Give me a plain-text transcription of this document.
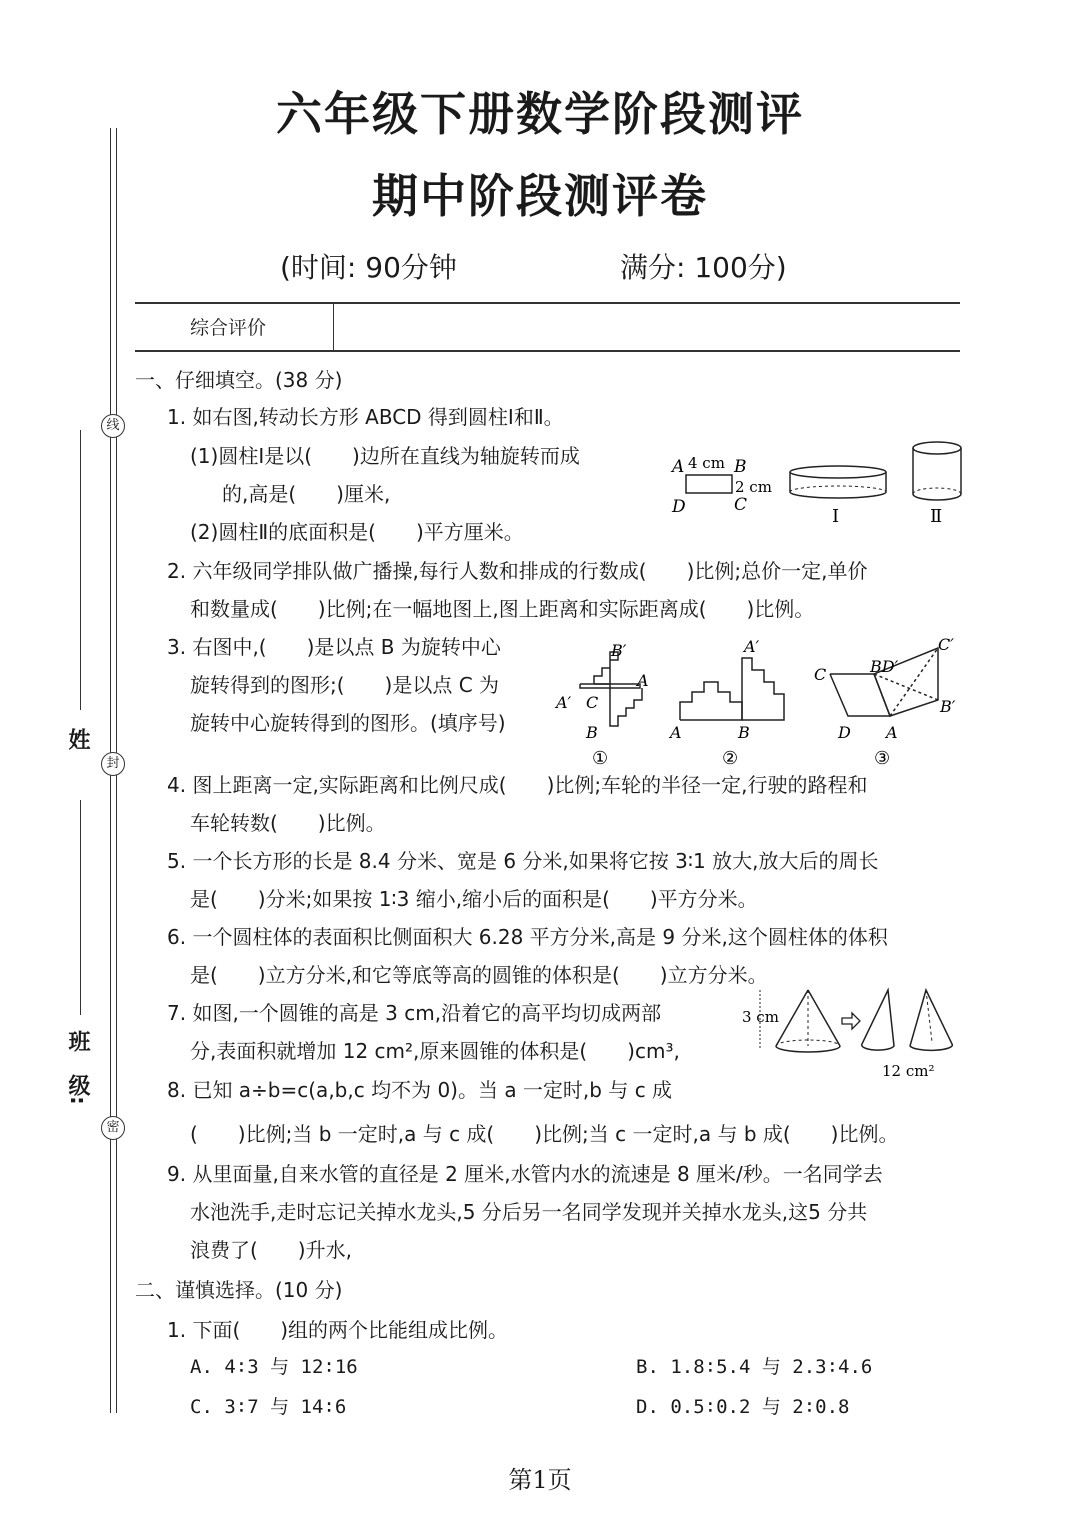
线
封
密
姓
班　级:
六年级下册数学阶段测评
期中阶段测评卷
(时间: 90分钟	满分: 100分)
综合评价
一、仔细填空。(38 分)
1. 如右图,转动长方形 ABCD 得到圆柱Ⅰ和Ⅱ。
(1)圆柱Ⅰ是以(　　)边所在直线为轴旋转而成
的,高是(　　)厘米,
(2)圆柱Ⅱ的底面积是(　　)平方厘米。
2. 六年级同学排队做广播操,每行人数和排成的行数成(　　)比例;总价一定,单价
和数量成(　　)比例;在一幅地图上,图上距离和实际距离成(　　)比例。
3. 右图中,(　　)是以点 B 为旋转中心
旋转得到的图形;(　　)是以点 C 为
旋转中心旋转得到的图形。(填序号)
4. 图上距离一定,实际距离和比例尺成(　　)比例;车轮的半径一定,行驶的路程和
车轮转数(　　)比例。
5. 一个长方形的长是 8.4 分米、宽是 6 分米,如果将它按 3∶1 放大,放大后的周长
是(　　)分米;如果按 1∶3 缩小,缩小后的面积是(　　)平方分米。
6. 一个圆柱体的表面积比侧面积大 6.28 平方分米,高是 9 分米,这个圆柱体的体积
是(　　)立方分米,和它等底等高的圆锥的体积是(　　)立方分米。
7. 如图,一个圆锥的高是 3 cm,沿着它的高平均切成两部
分,表面积就增加 12 cm²,原来圆锥的体积是(　　)cm³,
8. 已知 a÷b=c(a,b,c 均不为 0)。当 a 一定时,b 与 c 成
(　　)比例;当 b 一定时,a 与 c 成(　　)比例;当 c 一定时,a 与 b 成(　　)比例。
9. 从里面量,自来水管的直径是 2 厘米,水管内水的流速是 8 厘米/秒。一名同学去
水池洗手,走时忘记关掉水龙头,5 分后另一名同学发现并关掉水龙头,这5 分共
浪费了(　　)升水,
二、谨慎选择。(10 分)
1. 下面(　　)组的两个比能组成比例。
A. 4∶3 与 12∶16	B. 1.8∶5.4 与 2.3∶4.6
C. 3∶7 与 14∶6	D. 0.5∶0.2 与 2∶0.8
A 4 cm B
2 cm
D	C
Ⅰ	Ⅱ
B′
A
A′ C
B
①
A′
A	B
②
C	BD′
C′
B′
D A
③
3 cm
12 cm²
第1页
